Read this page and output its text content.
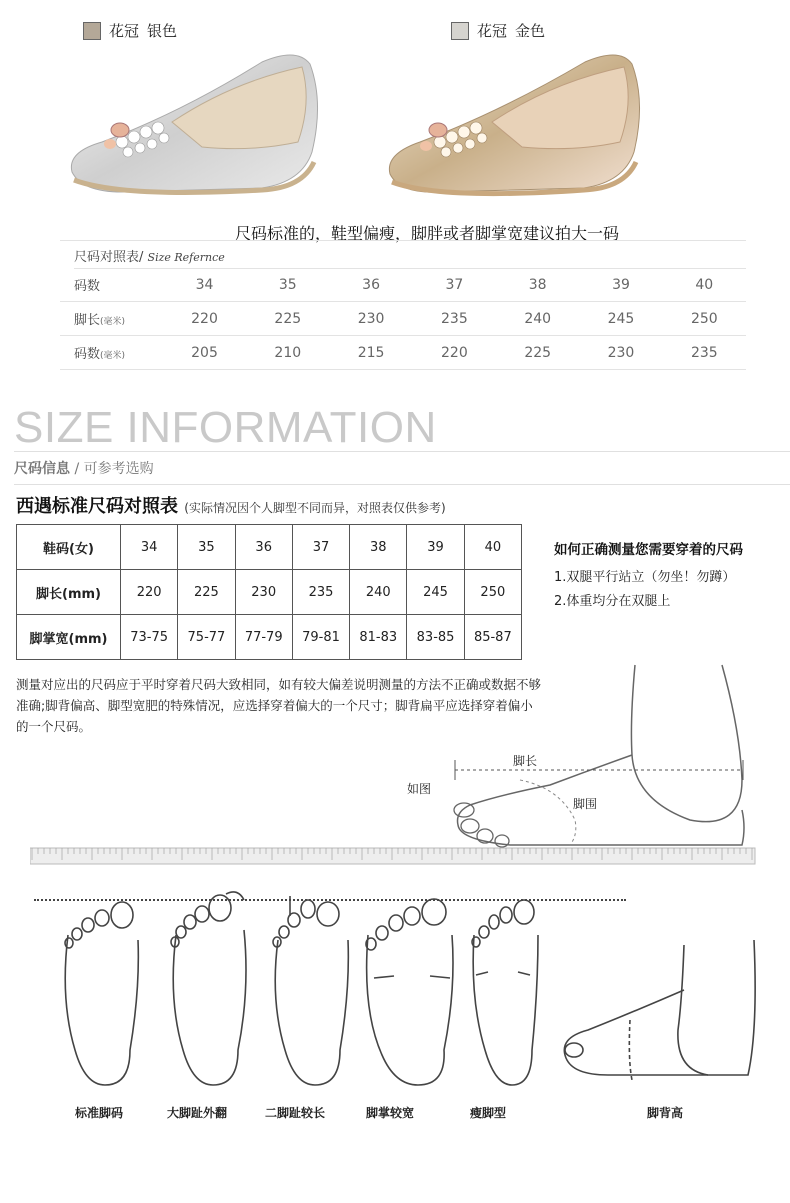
花冠 银色	花冠 金色
尺码标准的，鞋型偏瘦，脚胖或者脚掌宽建议拍大一码
尺码对照表/ Size Refernce
码数	34	35	36	37	38	39	40
脚长(毫米)	220	225	230	235	240	245	250
码数(毫米)	205	210	215	220	225	230	235
SIZE INFORMATION
尺码信息 / 可参考选购
西遇标准尺码对照表 (实际情况因个人脚型不同而异，对照表仅供参考)
鞋码(女)	34	35	36	37	38	39	40
脚长(mm)	220	225	230	235	240	245	250
脚掌宽(mm)	73-75	75-77	77-79	79-81	81-83	83-85	85-87
如何正确测量您需要穿着的尺码
1.双腿平行站立（勿坐！勿蹲）
2.体重均分在双腿上
测量对应出的尺码应于平时穿着尺码大致相同，如有较大偏差说明测量的方法不正确或数据不够准确;脚背偏高、脚型宽肥的特殊情况，应选择穿着偏大的一个尺寸；脚背扁平应选择穿着偏小的一个尺码。
脚长
如图
脚围
标准脚码	大脚趾外翻	二脚趾较长	脚掌较宽	瘦脚型	脚背高
